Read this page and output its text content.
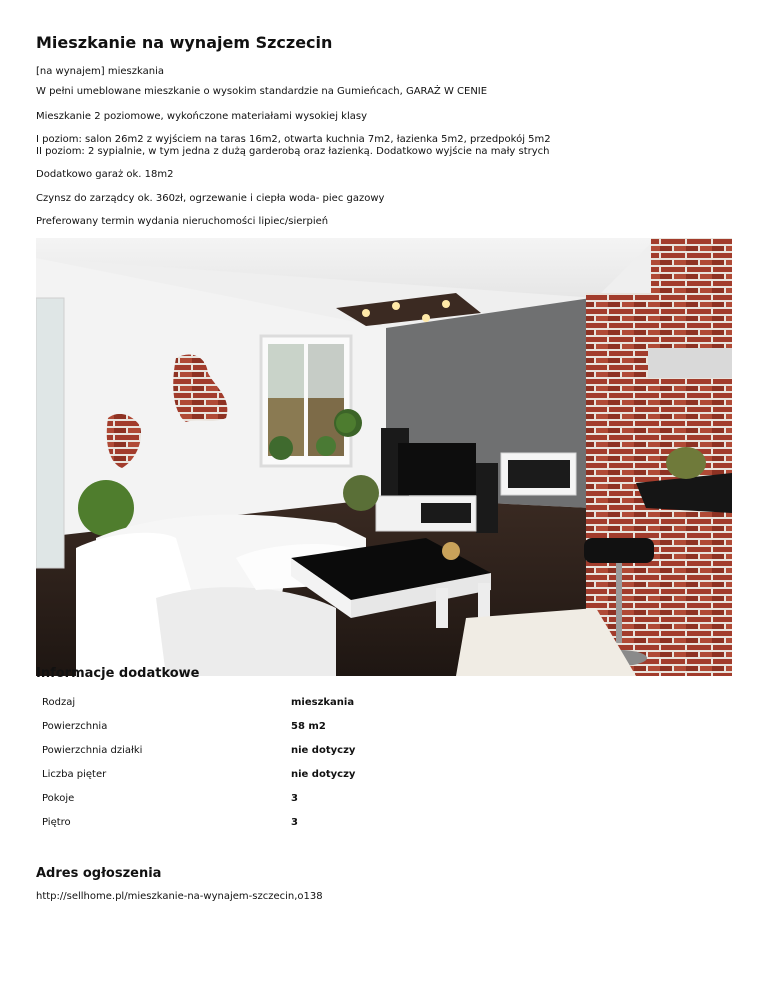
Mieszkanie na wynajem Szczecin

[na wynajem] mieszkania

W pełni umeblowane mieszkanie o wysokim standardzie na Gumieńcach, GARAŻ W CENIE

Mieszkanie 2 poziomowe, wykończone materiałami wysokiej klasy

I poziom: salon 26m2 z wyjściem na taras 16m2, otwarta kuchnia 7m2, łazienka 5m2, przedpokój 5m2

II poziom: 2 sypialnie, w tym jedna z dużą garderobą oraz łazienką. Dodatkowo wyjście na mały strych

Dodatkowo garaż ok. 18m2

Czynsz do zarządcy ok. 360zł, ogrzewanie i ciepła woda- piec gazowy

Preferowany termin wydania nieruchomości lipiec/sierpień

Informacje dodatkowe
Rodzaj	mieszkania
Powierzchnia	58 m2
Powierzchnia działki	nie dotyczy
Liczba pięter	nie dotyczy
Pokoje	3
Piętro	3
Adres ogłoszenia
http://sellhome.pl/mieszkanie-na-wynajem-szczecin,o138
